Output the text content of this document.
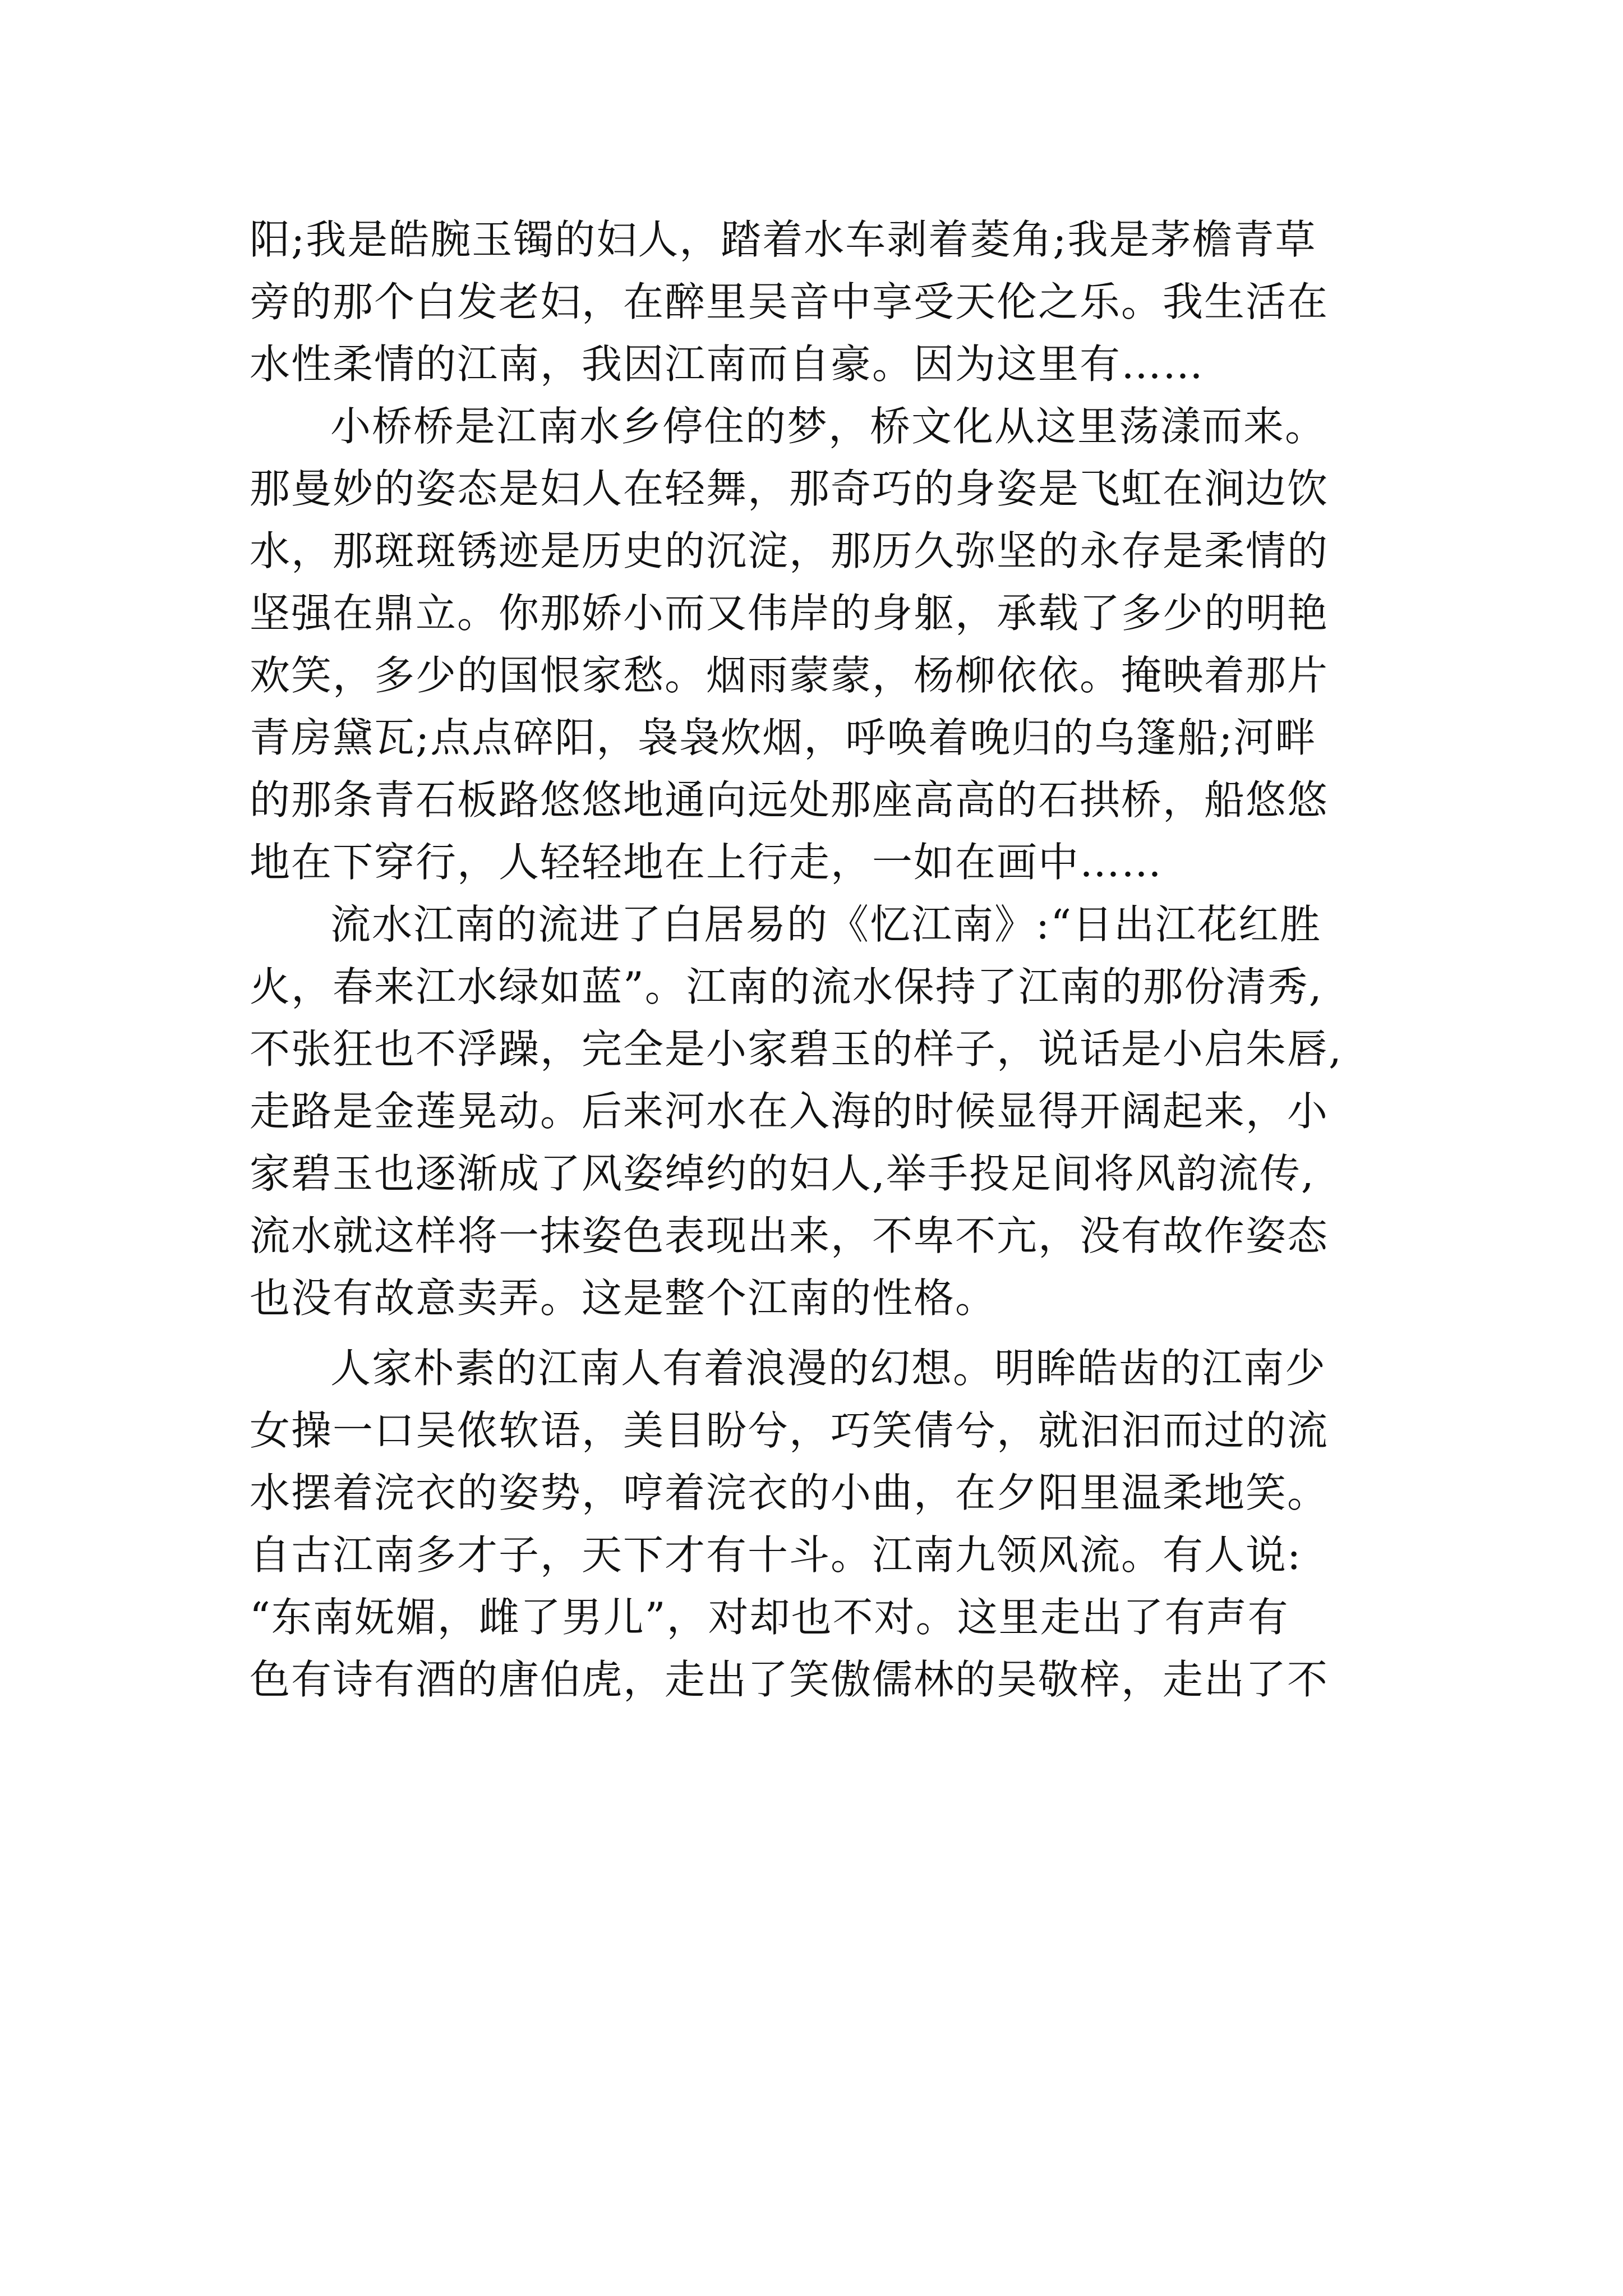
阳;我是皓腕玉镯的妇人，踏着水车剥着菱角;我是茅檐青草
旁的那个白发老妇，在醉里吴音中享受天伦之乐。我生活在
水性柔情的江南，我因江南而自豪。因为这里有……
小桥桥是江南水乡停住的梦，桥文化从这里荡漾而来。
那曼妙的姿态是妇人在轻舞，那奇巧的身姿是飞虹在涧边饮
水，那斑斑锈迹是历史的沉淀，那历久弥坚的永存是柔情的
坚强在鼎立。你那娇小而又伟岸的身躯，承载了多少的明艳
欢笑，多少的国恨家愁。烟雨蒙蒙，杨柳依依。掩映着那片
青房黛瓦;点点碎阳，袅袅炊烟，呼唤着晚归的乌篷船;河畔
的那条青石板路悠悠地通向远处那座高高的石拱桥，船悠悠
地在下穿行，人轻轻地在上行走，一如在画中……
流水江南的流进了白居易的《忆江南》:“日出江花红胜
火，春来江水绿如蓝”。江南的流水保持了江南的那份清秀,
不张狂也不浮躁，完全是小家碧玉的样子，说话是小启朱唇,
走路是金莲晃动。后来河水在入海的时候显得开阔起来，小
家碧玉也逐渐成了风姿绰约的妇人,举手投足间将风韵流传,
流水就这样将一抹姿色表现出来，不卑不亢，没有故作姿态
也没有故意卖弄。这是整个江南的性格。
人家朴素的江南人有着浪漫的幻想。明眸皓齿的江南少
女操一口吴侬软语，美目盼兮，巧笑倩兮，就汩汩而过的流
水摆着浣衣的姿势，哼着浣衣的小曲，在夕阳里温柔地笑。
自古江南多才子，天下才有十斗。江南九领风流。有人说:
“东南妩媚，雌了男儿”，对却也不对。这里走出了有声有
色有诗有酒的唐伯虎，走出了笑傲儒林的吴敬梓，走出了不
